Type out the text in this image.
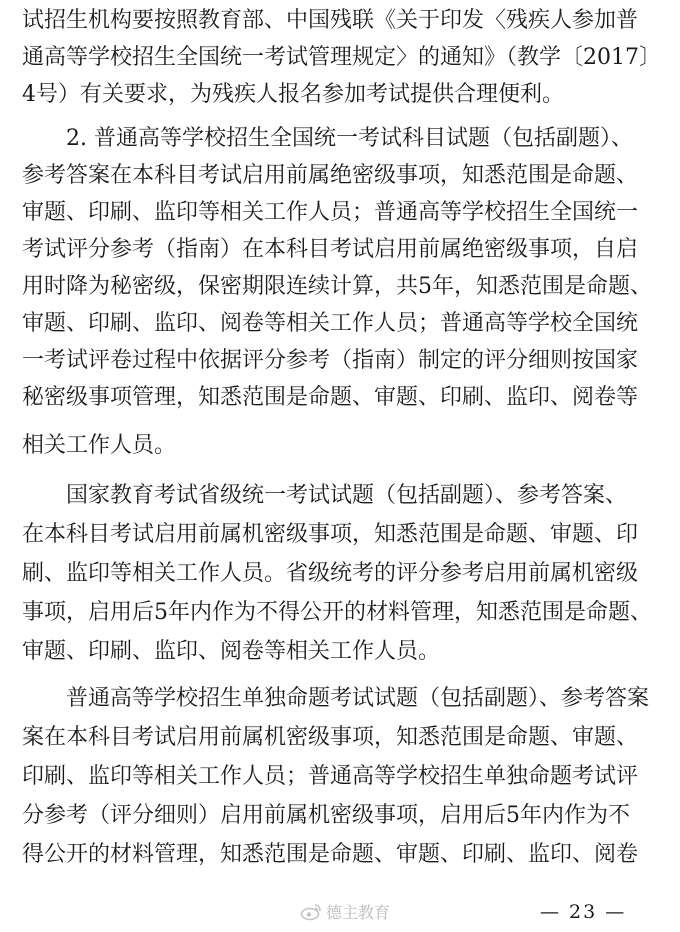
试招生机构要按照教育部、中国残联《关于印发〈残疾人参加普
通高等学校招生全国统一考试管理规定〉的通知》（教学〔2017〕
4号）有关要求，为残疾人报名参加考试提供合理便利。
2. 普通高等学校招生全国统一考试科目试题（包括副题）、
参考答案在本科目考试启用前属绝密级事项，知悉范围是命题、
审题、印刷、监印等相关工作人员；普通高等学校招生全国统一
考试评分参考（指南）在本科目考试启用前属绝密级事项，自启
用时降为秘密级，保密期限连续计算，共5年，知悉范围是命题、
审题、印刷、监印、阅卷等相关工作人员；普通高等学校全国统
一考试评卷过程中依据评分参考（指南）制定的评分细则按国家
秘密级事项管理，知悉范围是命题、审题、印刷、监印、阅卷等
相关工作人员。
国家教育考试省级统一考试试题（包括副题）、参考答案、
在本科目考试启用前属机密级事项，知悉范围是命题、审题、印
刷、监印等相关工作人员。省级统考的评分参考启用前属机密级
事项，启用后5年内作为不得公开的材料管理，知悉范围是命题、
审题、印刷、监印、阅卷等相关工作人员。
普通高等学校招生单独命题考试试题（包括副题）、参考答案
案在本科目考试启用前属机密级事项，知悉范围是命题、审题、
印刷、监印等相关工作人员；普通高等学校招生单独命题考试评
分参考（评分细则）启用前属机密级事项，启用后5年内作为不
得公开的材料管理，知悉范围是命题、审题、印刷、监印、阅卷
德主教育	— 23 —
